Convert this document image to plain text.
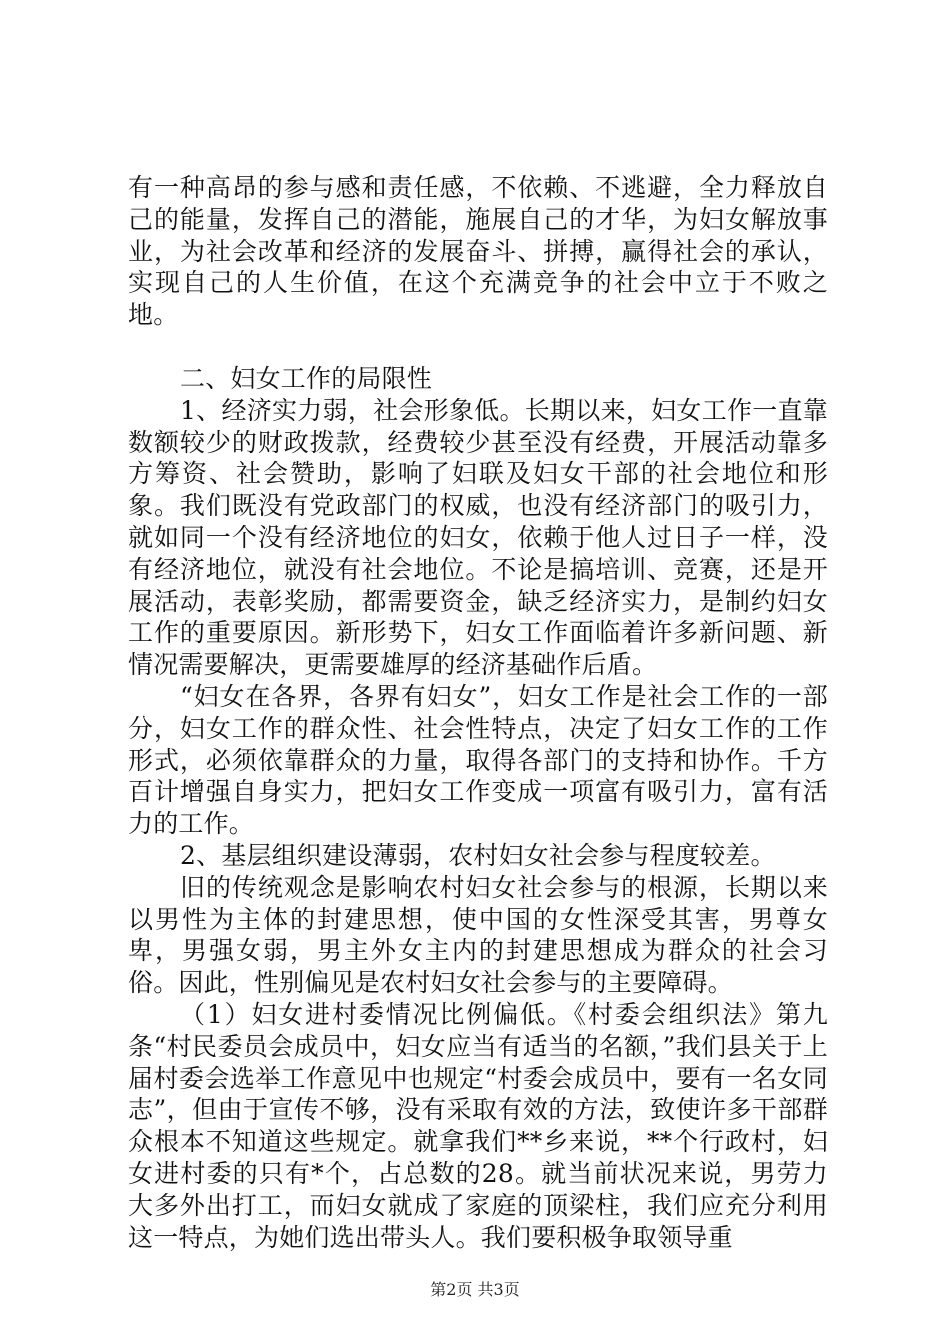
有一种高昂的参与感和责任感，不依赖、不逃避，全力释放自己的能量，发挥自己的潜能，施展自己的才华，为妇女解放事业，为社会改革和经济的发展奋斗、拼搏，赢得社会的承认，实现自己的人生价值，在这个充满竞争的社会中立于不败之地。

二、妇女工作的局限性

1、经济实力弱，社会形象低。长期以来，妇女工作一直靠数额较少的财政拨款，经费较少甚至没有经费，开展活动靠多方筹资、社会赞助，影响了妇联及妇女干部的社会地位和形象。我们既没有党政部门的权威，也没有经济部门的吸引力，就如同一个没有经济地位的妇女，依赖于他人过日子一样，没有经济地位，就没有社会地位。不论是搞培训、竞赛，还是开展活动，表彰奖励，都需要资金，缺乏经济实力，是制约妇女工作的重要原因。新形势下，妇女工作面临着许多新问题、新情况需要解决，更需要雄厚的经济基础作后盾。

“妇女在各界，各界有妇女”，妇女工作是社会工作的一部分，妇女工作的群众性、社会性特点，决定了妇女工作的工作形式，必须依靠群众的力量，取得各部门的支持和协作。千方百计增强自身实力，把妇女工作变成一项富有吸引力，富有活力的工作。

2、基层组织建设薄弱，农村妇女社会参与程度较差。

旧的传统观念是影响农村妇女社会参与的根源，长期以来以男性为主体的封建思想，使中国的女性深受其害，男尊女卑，男强女弱，男主外女主内的封建思想成为群众的社会习俗。因此，性别偏见是农村妇女社会参与的主要障碍。

（1）妇女进村委情况比例偏低。《村委会组织法》第九条“村民委员会成员中，妇女应当有适当的名额，”我们县关于上届村委会选举工作意见中也规定“村委会成员中，要有一名女同志”，但由于宣传不够，没有采取有效的方法，致使许多干部群众根本不知道这些规定。就拿我们**乡来说，**个行政村，妇女进村委的只有*个，占总数的28。就当前状况来说，男劳力大多外出打工，而妇女就成了家庭的顶梁柱，我们应充分利用这一特点，为她们选出带头人。我们要积极争取领导重

第2页 共3页
